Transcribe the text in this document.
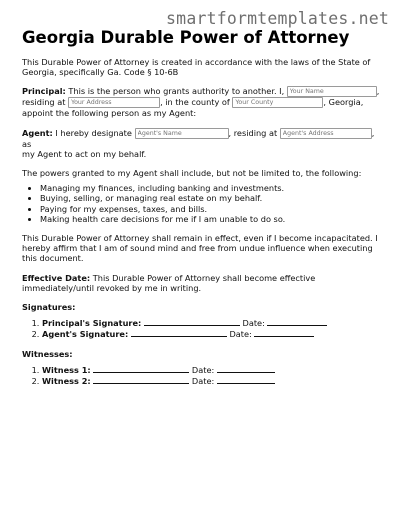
smartformtemplates.net
Georgia Durable Power of Attorney

This Durable Power of Attorney is created in accordance with the laws of the State of Georgia, specifically Ga. Code § 10-6B

Principal: This is the person who grants authority to another. I, Your Name	,
residing at Your Address	, in the county of Your County	, Georgia,
appoint the following person as my Agent:

Agent: I hereby designate Agent's Name	, residing at Agent's Address	, as
my Agent to act on my behalf.

The powers granted to my Agent shall include, but not be limited to, the following:

• Managing my finances, including banking and investments.
• Buying, selling, or managing real estate on my behalf.
• Paying for my expenses, taxes, and bills.
• Making health care decisions for me if I am unable to do so.

This Durable Power of Attorney shall remain in effect, even if I become incapacitated. I hereby affirm that I am of sound mind and free from undue influence when executing this document.

Effective Date: This Durable Power of Attorney shall become effective immediately/until revoked by me in writing.

Signatures:

1. Principal's Signature:	Date:
2. Agent's Signature:	Date:

Witnesses:

1. Witness 1:	Date:
2. Witness 2:	Date:
